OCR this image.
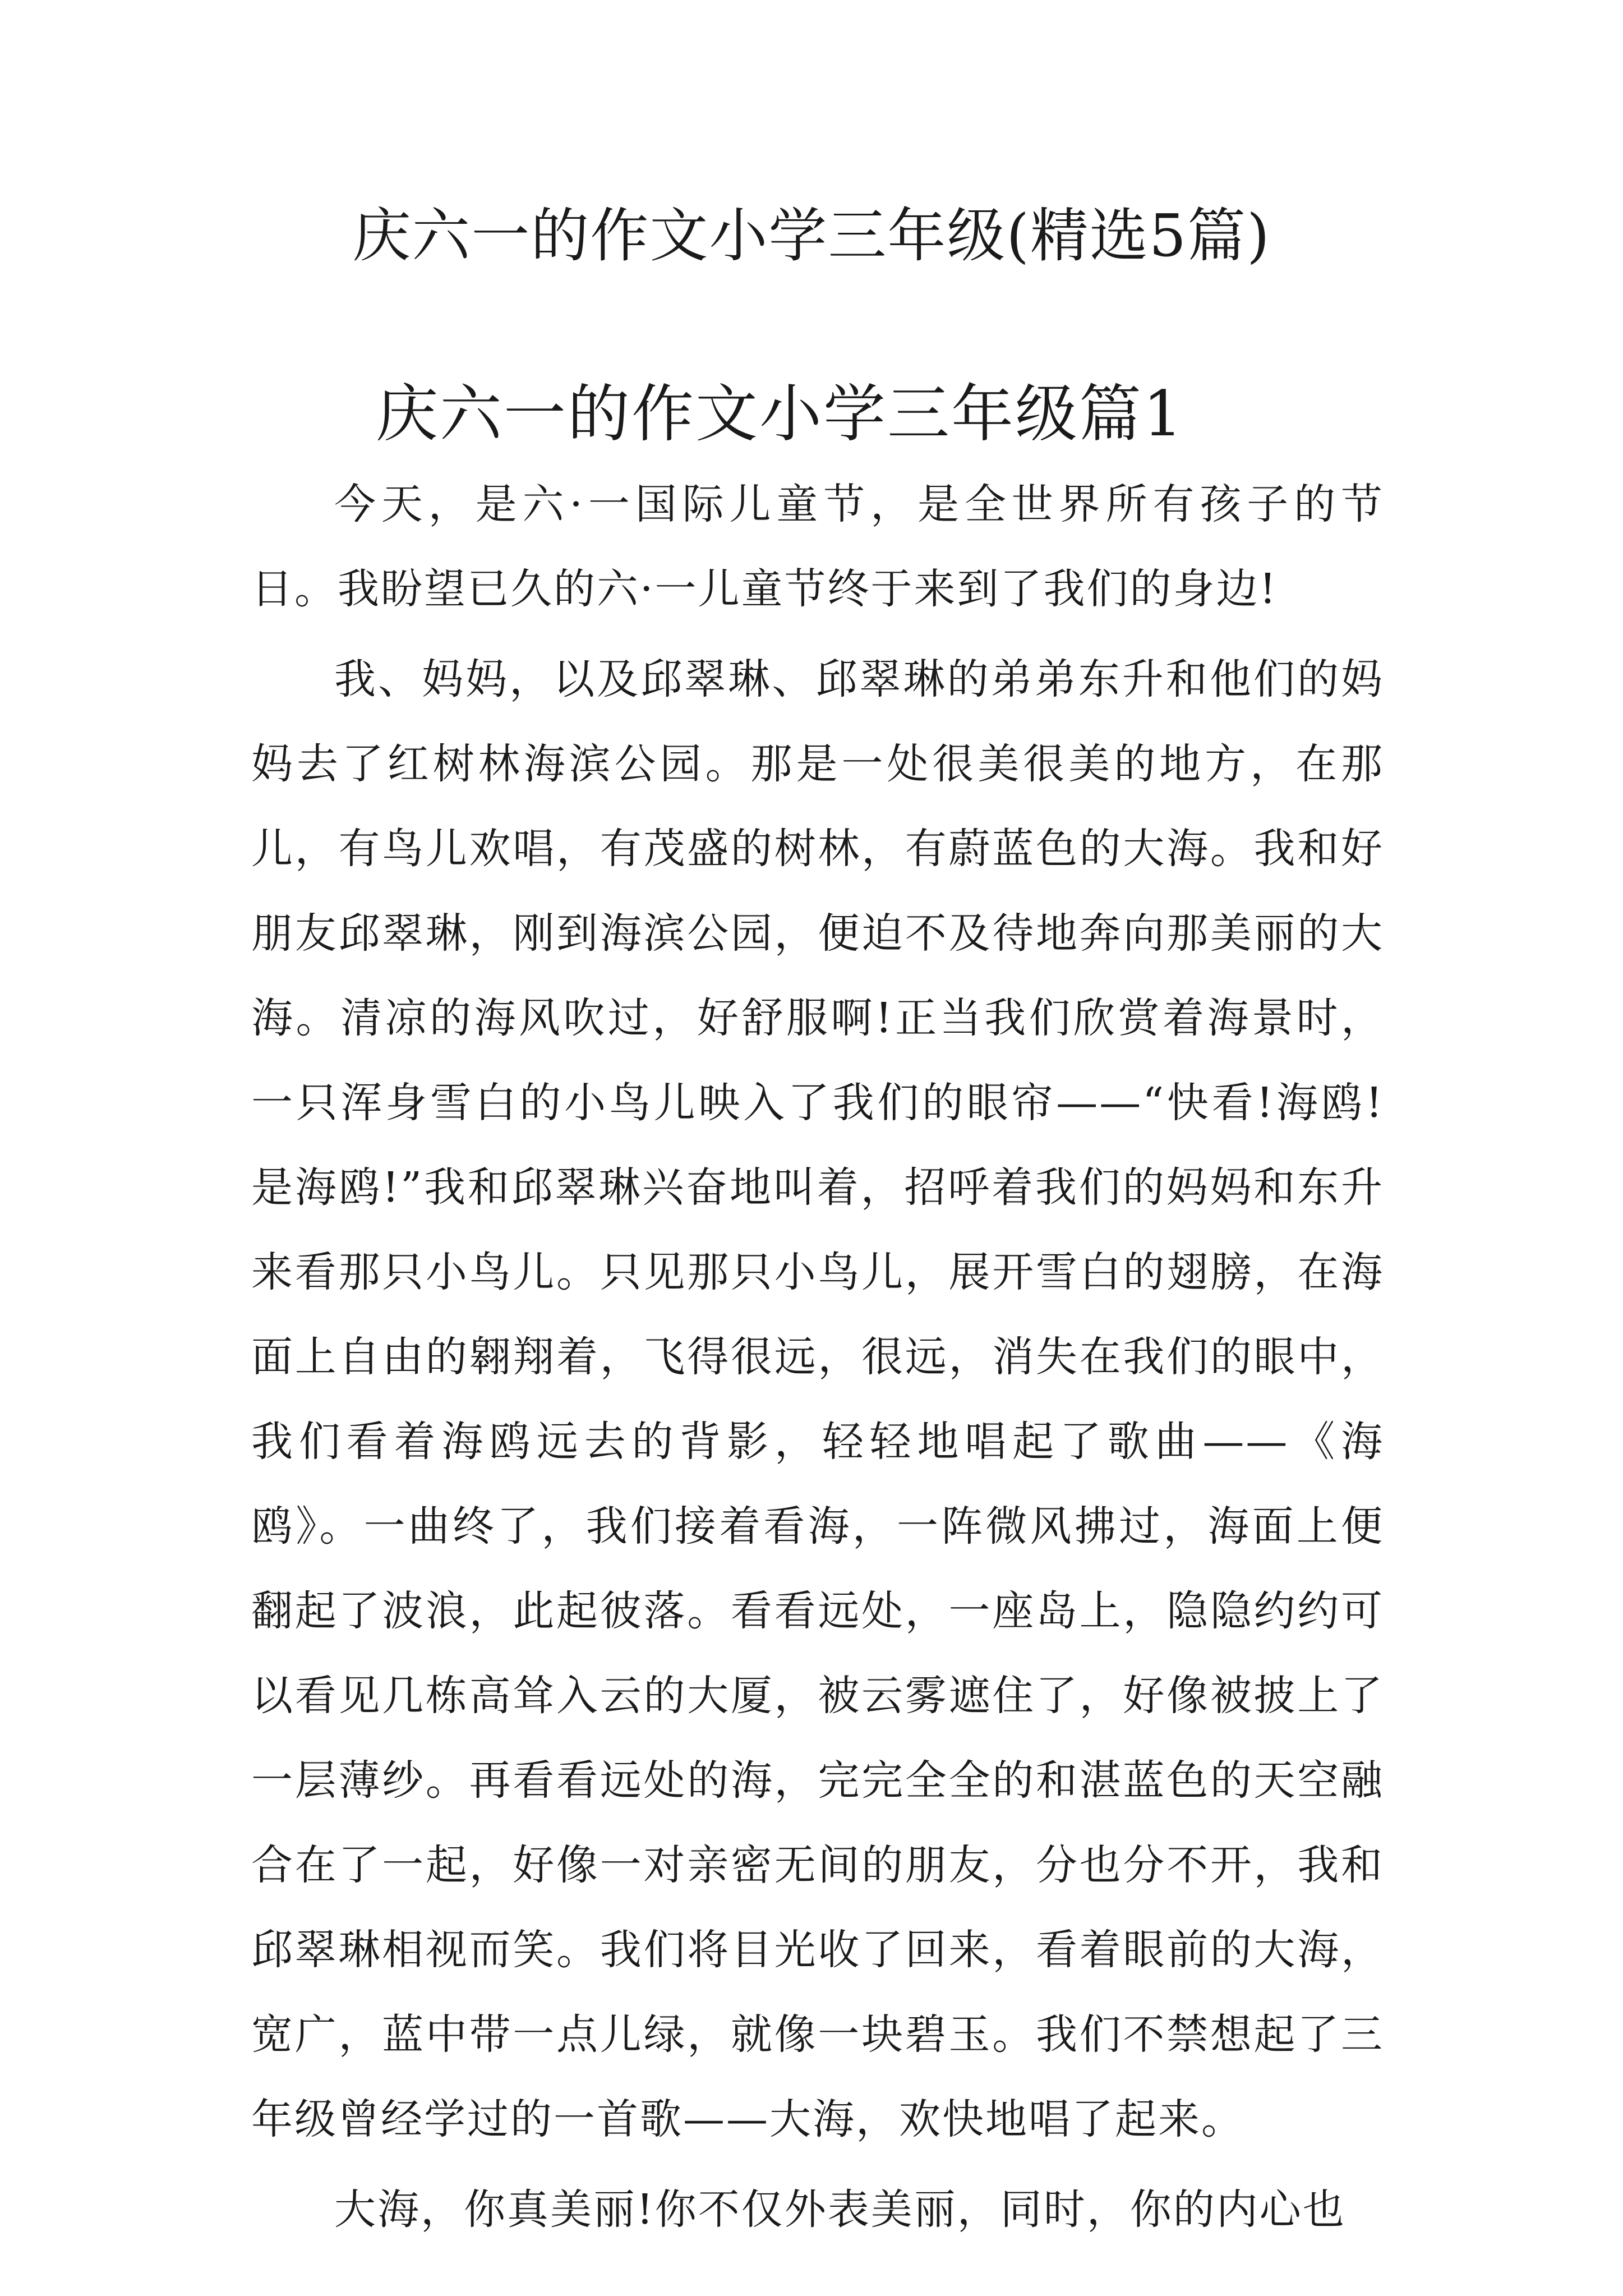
庆六一的作文小学三年级(精选5篇)
庆六一的作文小学三年级篇1

今天，是六·一国际儿童节，是全世界所有孩子的节日。我盼望已久的六·一儿童节终于来到了我们的身边!

我、妈妈，以及邱翠琳、邱翠琳的弟弟东升和他们的妈妈去了红树林海滨公园。那是一处很美很美的地方，在那儿，有鸟儿欢唱，有茂盛的树林，有蔚蓝色的大海。我和好朋友邱翠琳，刚到海滨公园，便迫不及待地奔向那美丽的大海。清凉的海风吹过，好舒服啊!正当我们欣赏着海景时，一只浑身雪白的小鸟儿映入了我们的眼帘——“快看!海鸥!是海鸥!”我和邱翠琳兴奋地叫着，招呼着我们的妈妈和东升来看那只小鸟儿。只见那只小鸟儿，展开雪白的翅膀，在海面上自由的翱翔着，飞得很远，很远，消失在我们的眼中，我们看着海鸥远去的背影，轻轻地唱起了歌曲——《海鸥》。一曲终了，我们接着看海，一阵微风拂过，海面上便翻起了波浪，此起彼落。看看远处，一座岛上，隐隐约约可以看见几栋高耸入云的大厦，被云雾遮住了，好像被披上了一层薄纱。再看看远处的海，完完全全的和湛蓝色的天空融合在了一起，好像一对亲密无间的朋友，分也分不开，我和邱翠琳相视而笑。我们将目光收了回来，看着眼前的大海，宽广，蓝中带一点儿绿，就像一块碧玉。我们不禁想起了三年级曾经学过的一首歌——大海，欢快地唱了起来。

大海，你真美丽!你不仅外表美丽，同时，你的内心也
